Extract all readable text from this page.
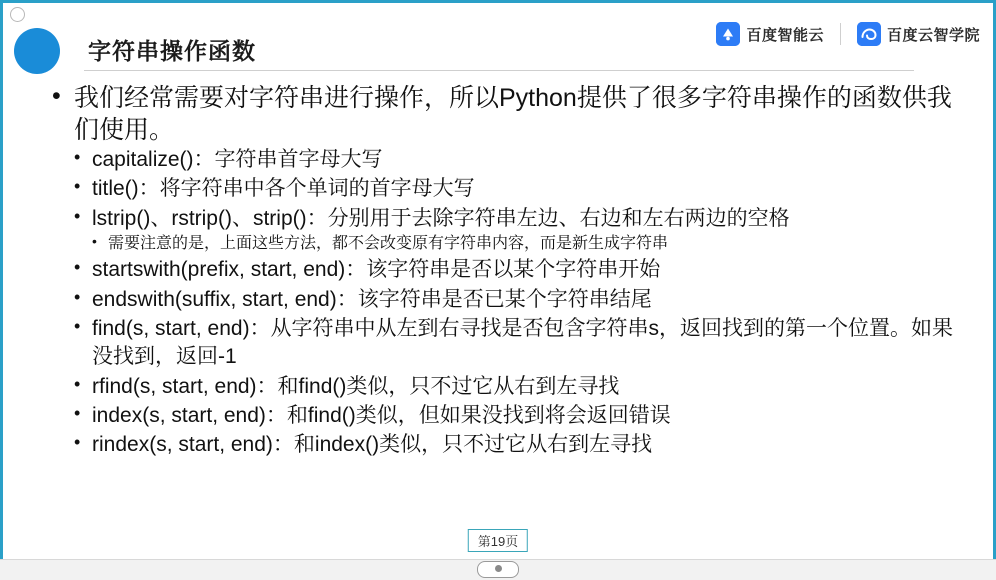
字符串操作函数
百度智能云	百度云智学院
• 我们经常需要对字符串进行操作，所以Python提供了很多字符串操作的函数供我们使用。
• capitalize()：字符串首字母大写
• title()：将字符串中各个单词的首字母大写
• lstrip()、rstrip()、strip()：分别用于去除字符串左边、右边和左右两边的空格
• 需要注意的是，上面这些方法，都不会改变原有字符串内容，而是新生成字符串
• startswith(prefix, start, end)：该字符串是否以某个字符串开始
• endswith(suffix, start, end)：该字符串是否已某个字符串结尾
• find(s, start, end)：从字符串中从左到右寻找是否包含字符串s，返回找到的第一个位置。如果没找到，返回-1
• rfind(s, start, end)：和find()类似，只不过它从右到左寻找
• index(s, start, end)：和find()类似，但如果没找到将会返回错误
• rindex(s, start, end)：和index()类似，只不过它从右到左寻找
第19页
